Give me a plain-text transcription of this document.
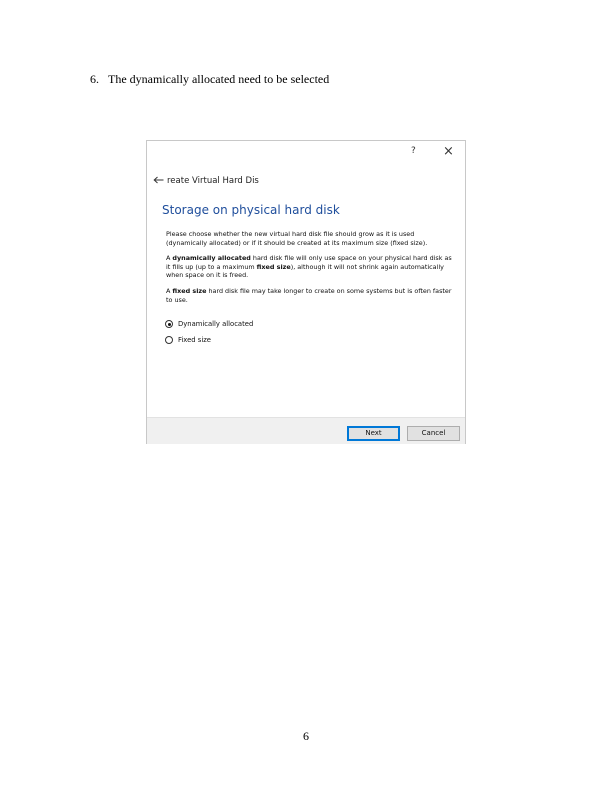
6. The dynamically allocated need to be selected
? ×
reate Virtual Hard Dis
Storage on physical hard disk

Please choose whether the new virtual hard disk file should grow as it is used (dynamically allocated) or if it should be created at its maximum size (fixed size).

A dynamically allocated hard disk file will only use space on your physical hard disk as it fills up (up to a maximum fixed size), although it will not shrink again automatically when space on it is freed.

A fixed size hard disk file may take longer to create on some systems but is often faster to use.

Dynamically allocated
Fixed size
Next	Cancel
6
